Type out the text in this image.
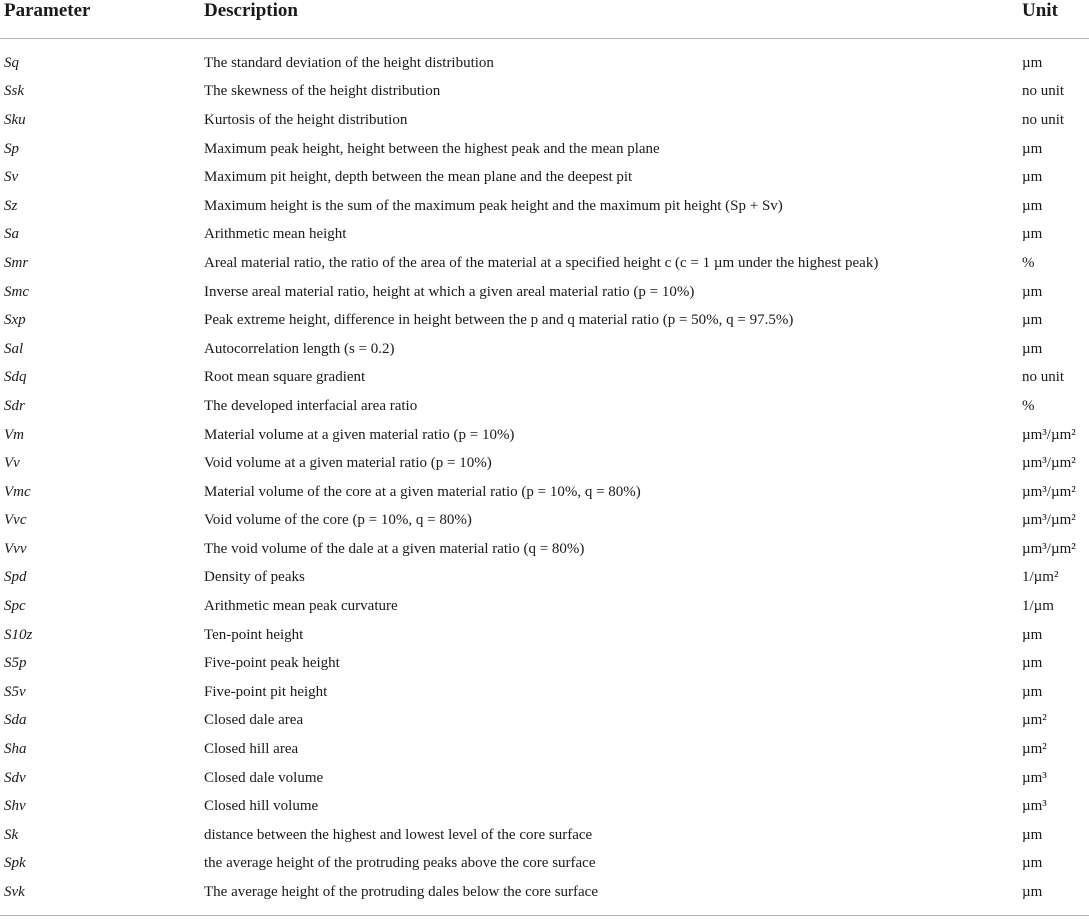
Parameter	Description	Unit

Sq	The standard deviation of the height distribution	µm
Ssk	The skewness of the height distribution	no unit
Sku	Kurtosis of the height distribution	no unit
Sp	Maximum peak height, height between the highest peak and the mean plane	µm
Sv	Maximum pit height, depth between the mean plane and the deepest pit	µm
Sz	Maximum height is the sum of the maximum peak height and the maximum pit height (Sp + Sv)	µm
Sa	Arithmetic mean height	µm
Smr	Areal material ratio, the ratio of the area of the material at a specified height c (c = 1 µm under the highest peak)	%
Smc	Inverse areal material ratio, height at which a given areal material ratio (p = 10%)	µm
Sxp	Peak extreme height, difference in height between the p and q material ratio (p = 50%, q = 97.5%)	µm
Sal	Autocorrelation length (s = 0.2)	µm
Sdq	Root mean square gradient	no unit
Sdr	The developed interfacial area ratio	%
Vm	Material volume at a given material ratio (p = 10%)	µm³/µm²
Vv	Void volume at a given material ratio (p = 10%)	µm³/µm²
Vmc	Material volume of the core at a given material ratio (p = 10%, q = 80%)	µm³/µm²
Vvc	Void volume of the core (p = 10%, q = 80%)	µm³/µm²
Vvv	The void volume of the dale at a given material ratio (q = 80%)	µm³/µm²
Spd	Density of peaks	1/µm²
Spc	Arithmetic mean peak curvature	1/µm
S10z	Ten-point height	µm
S5p	Five-point peak height	µm
S5v	Five-point pit height	µm
Sda	Closed dale area	µm²
Sha	Closed hill area	µm²
Sdv	Closed dale volume	µm³
Shv	Closed hill volume	µm³
Sk	distance between the highest and lowest level of the core surface	µm
Spk	the average height of the protruding peaks above the core surface	µm
Svk	The average height of the protruding dales below the core surface	µm
